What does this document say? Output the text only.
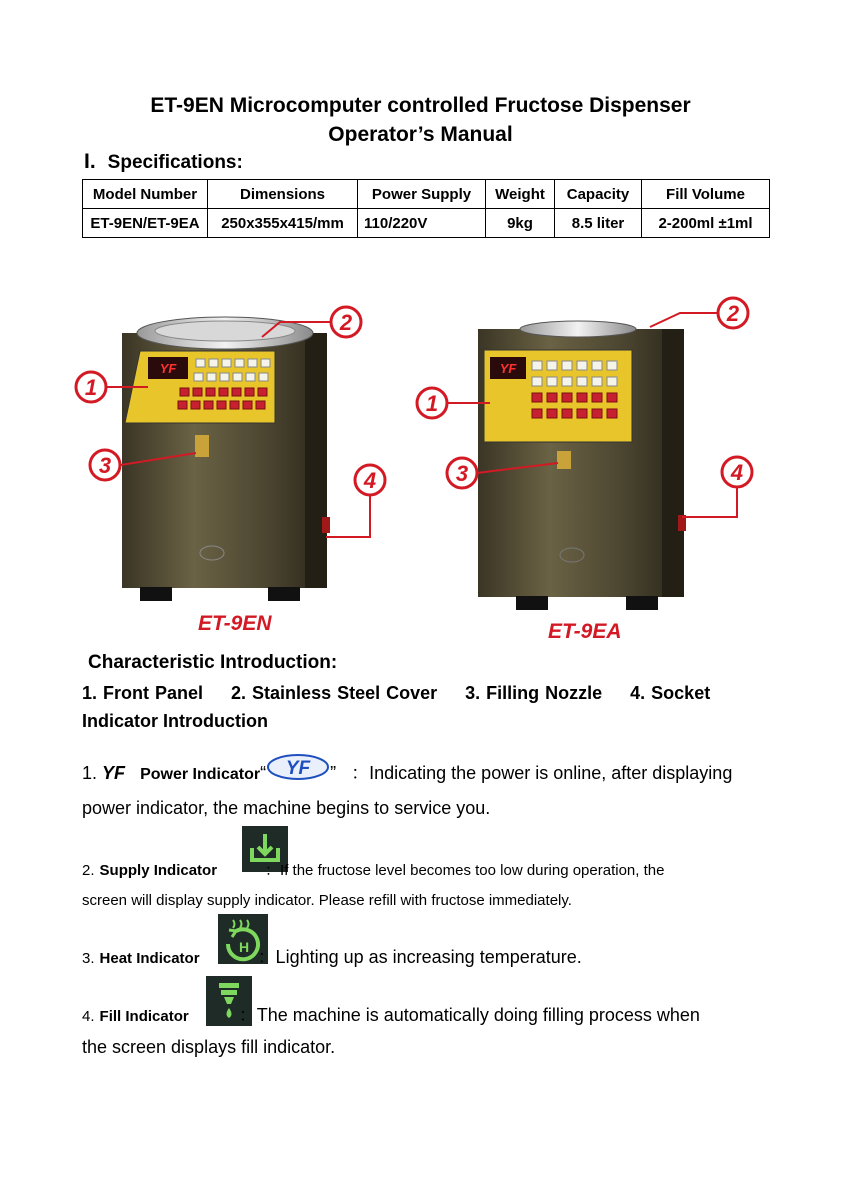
ET-9EN Microcomputer controlled Fructose Dispenser
Operator’s Manual
I. Specifications:
Model Number	Dimensions	Power Supply	Weight	Capacity	Fill Volume
ET-9EN/ET-9EA	250x355x415/mm	110/220V	9kg	8.5 liter	2-200ml ±1ml
YF	YF
1
2
3
4
1
2
3	4
ET-9EN	ET-9EA
Characteristic Introduction:
1. Front Panel 2. Stainless Steel Cover 3. Filling Nozzle 4. Socket
Indicator Introduction
1. YF Power Indicator“ YF ” ：Indicating the power is online, after displaying
power indicator, the machine begins to service you.
2. Supply Indicator	：If the fructose level becomes too low during operation, the
screen will display supply indicator. Please refill with fructose immediately.
H
3. Heat Indicator	：Lighting up as increasing temperature.
4. Fill Indicator	：The machine is automatically doing filling process when
the screen displays fill indicator.
